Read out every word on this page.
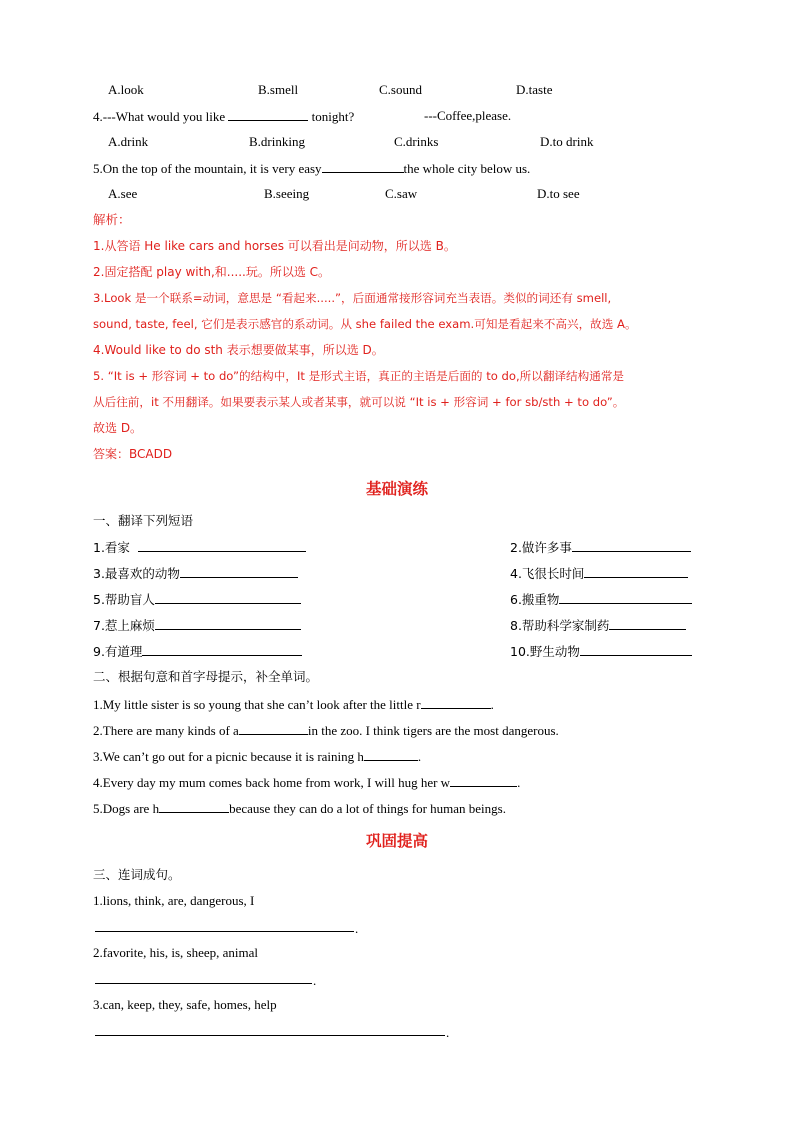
A.look	B.smell	C.sound	D.taste
4.---What would you like	tonight?	---Coffee,please.
A.drink	B.drinking	C.drinks	D.to drink
5.On the top of the mountain, it is very easy	the whole city below us.
A.see	B.seeing	C.saw	D.to see
解析：
1.从答语 He like cars and horses 可以看出是问动物，所以选 B。
2.固定搭配 play with,和.....玩。所以选 C。
3.Look 是一个联系=动词，意思是 “看起来.....”，后面通常接形容词充当表语。类似的词还有 smell,
sound, taste, feel, 它们是表示感官的系动词。从 she failed the exam.可知是看起来不高兴，故选 A。
4.Would like to do sth 表示想要做某事，所以选 D。
5. “It is + 形容词 + to do”的结构中，It 是形式主语，真正的主语是后面的 to do,所以翻译结构通常是
从后往前，it 不用翻译。如果要表示某人或者某事，就可以说 “It is + 形容词 + for sb/sth + to do”。
故选 D。
答案：BCADD
基础演练
一、翻译下列短语
1.看家	2.做许多事
3.最喜欢的动物	4.飞很长时间
5.帮助盲人	6.搬重物
7.惹上麻烦	8.帮助科学家制药
9.有道理	10.野生动物
二、根据句意和首字母提示，补全单词。
1.My little sister is so young that she can’t look after the little r	.
2.There are many kinds of a	in the zoo. I think tigers are the most dangerous.
3.We can’t go out for a picnic because it is raining h	.
4.Every day my mum comes back home from work, I will hug her w	.
5.Dogs are h	because they can do a lot of things for human beings.
巩固提高
三、连词成句。
1.lions, think, are, dangerous, I
.
2.favorite, his, is, sheep, animal
.
3.can, keep, they, safe, homes, help
.
